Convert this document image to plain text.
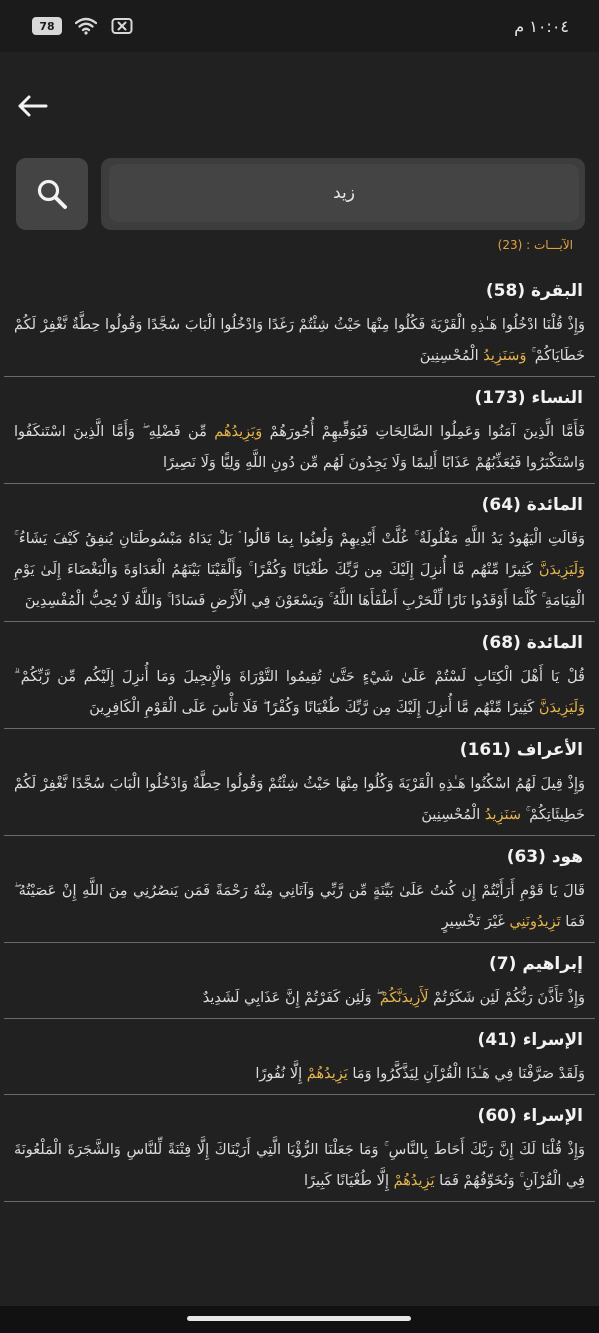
78	١٠:٠٤ م
زيد
الآيـــات : (23)
البقرة (58)
وَإِذْ قُلْنَا ادْخُلُوا هَـٰذِهِ الْقَرْيَةَ فَكُلُوا مِنْهَا حَيْثُ شِئْتُمْ رَغَدًا وَادْخُلُوا الْبَابَ سُجَّدًا وَقُولُوا حِطَّةٌ نَّغْفِرْ لَكُمْ خَطَايَاكُمْ ۚ وَسَنَزِيدُ الْمُحْسِنِينَ
النساء (173)
فَأَمَّا الَّذِينَ آمَنُوا وَعَمِلُوا الصَّالِحَاتِ فَيُوَفِّيهِمْ أُجُورَهُمْ وَيَزِيدُهُم مِّن فَضْلِهِ ۖ وَأَمَّا الَّذِينَ اسْتَنكَفُوا وَاسْتَكْبَرُوا فَيُعَذِّبُهُمْ عَذَابًا أَلِيمًا وَلَا يَجِدُونَ لَهُم مِّن دُونِ اللَّهِ وَلِيًّا وَلَا نَصِيرًا
المائدة (64)
وَقَالَتِ الْيَهُودُ يَدُ اللَّهِ مَغْلُولَةٌ ۚ غُلَّتْ أَيْدِيهِمْ وَلُعِنُوا بِمَا قَالُوا ۘ بَلْ يَدَاهُ مَبْسُوطَتَانِ يُنفِقُ كَيْفَ يَشَاءُ ۚ وَلَيَزِيدَنَّ كَثِيرًا مِّنْهُم مَّا أُنزِلَ إِلَيْكَ مِن رَّبِّكَ طُغْيَانًا وَكُفْرًا ۚ وَأَلْقَيْنَا بَيْنَهُمُ الْعَدَاوَةَ وَالْبَغْضَاءَ إِلَىٰ يَوْمِ الْقِيَامَةِ ۚ كُلَّمَا أَوْقَدُوا نَارًا لِّلْحَرْبِ أَطْفَأَهَا اللَّهُ ۚ وَيَسْعَوْنَ فِي الْأَرْضِ فَسَادًا ۚ وَاللَّهُ لَا يُحِبُّ الْمُفْسِدِينَ
المائدة (68)
قُلْ يَا أَهْلَ الْكِتَابِ لَسْتُمْ عَلَىٰ شَيْءٍ حَتَّىٰ تُقِيمُوا التَّوْرَاةَ وَالْإِنجِيلَ وَمَا أُنزِلَ إِلَيْكُم مِّن رَّبِّكُمْ ۗ وَلَيَزِيدَنَّ كَثِيرًا مِّنْهُم مَّا أُنزِلَ إِلَيْكَ مِن رَّبِّكَ طُغْيَانًا وَكُفْرًا ۖ فَلَا تَأْسَ عَلَى الْقَوْمِ الْكَافِرِينَ
الأعراف (161)
وَإِذْ قِيلَ لَهُمُ اسْكُنُوا هَـٰذِهِ الْقَرْيَةَ وَكُلُوا مِنْهَا حَيْثُ شِئْتُمْ وَقُولُوا حِطَّةٌ وَادْخُلُوا الْبَابَ سُجَّدًا نَّغْفِرْ لَكُمْ خَطِيئَاتِكُمْ ۚ سَنَزِيدُ الْمُحْسِنِينَ
هود (63)
قَالَ يَا قَوْمِ أَرَأَيْتُمْ إِن كُنتُ عَلَىٰ بَيِّنَةٍ مِّن رَّبِّي وَآتَانِي مِنْهُ رَحْمَةً فَمَن يَنصُرُنِي مِنَ اللَّهِ إِنْ عَصَيْتُهُ ۖ فَمَا تَزِيدُونَنِي غَيْرَ تَخْسِيرٍ
إبراهيم (7)
وَإِذْ تَأَذَّنَ رَبُّكُمْ لَئِن شَكَرْتُمْ لَأَزِيدَنَّكُمْ ۖ وَلَئِن كَفَرْتُمْ إِنَّ عَذَابِي لَشَدِيدٌ
الإسراء (41)
وَلَقَدْ صَرَّفْنَا فِي هَـٰذَا الْقُرْآنِ لِيَذَّكَّرُوا وَمَا يَزِيدُهُمْ إِلَّا نُفُورًا
الإسراء (60)
وَإِذْ قُلْنَا لَكَ إِنَّ رَبَّكَ أَحَاطَ بِالنَّاسِ ۚ وَمَا جَعَلْنَا الرُّؤْيَا الَّتِي أَرَيْنَاكَ إِلَّا فِتْنَةً لِّلنَّاسِ وَالشَّجَرَةَ الْمَلْعُونَةَ فِي الْقُرْآنِ ۚ وَنُخَوِّفُهُمْ فَمَا يَزِيدُهُمْ إِلَّا طُغْيَانًا كَبِيرًا
